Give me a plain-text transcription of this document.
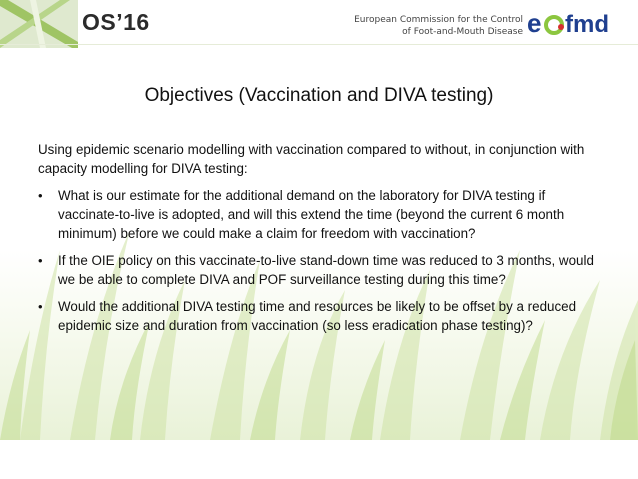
OS’16	European Commission for the Control
of Foot-and-Mouth Disease e fmd
Objectives (Vaccination and DIVA testing)
Using epidemic scenario modelling with vaccination compared to without, in conjunction with capacity modelling for DIVA testing:
• What is our estimate for the additional demand on the laboratory for DIVA testing if vaccinate-to-live is adopted, and will this extend the time (beyond the current 6 month minimum) before we could make a claim for freedom with vaccination?
• If the OIE policy on this vaccinate-to-live stand-down time was reduced to 3 months, would we be able to complete DIVA and POF surveillance testing during this time?
• Would the additional DIVA testing time and resources be likely to be offset by a reduced epidemic size and duration from vaccination (so less eradication phase testing)?
